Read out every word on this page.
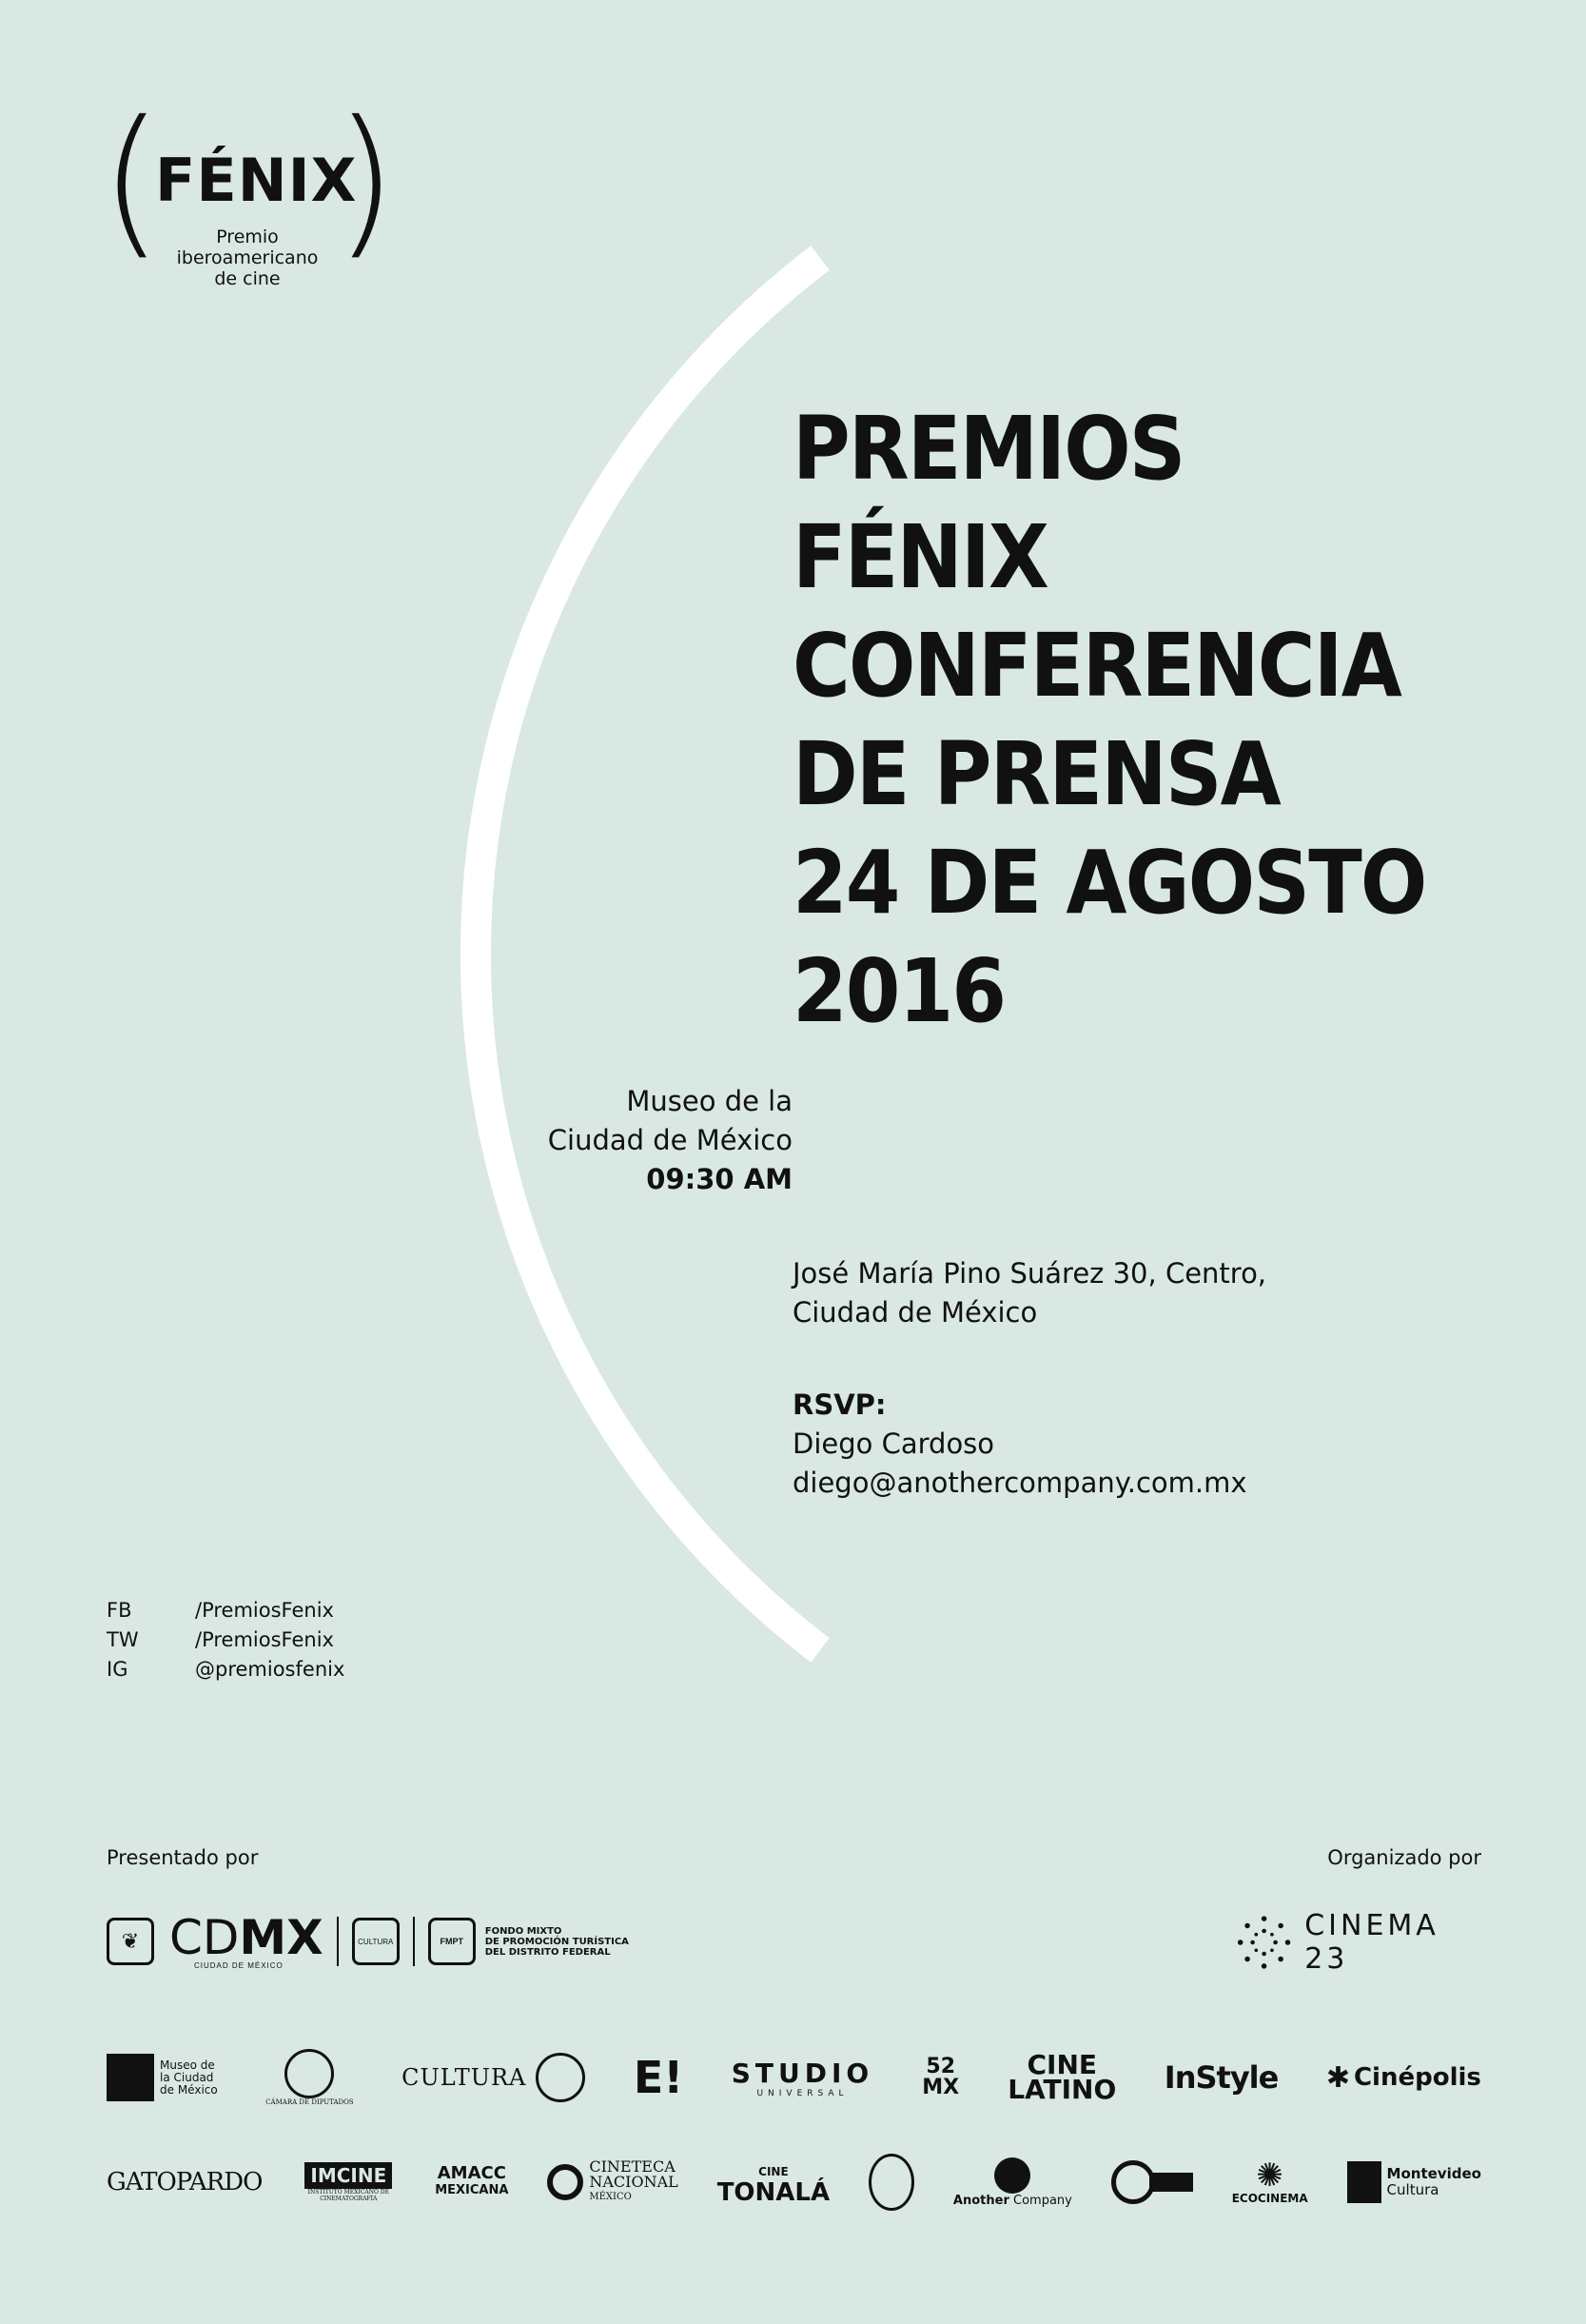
(
FÉNIX
)
Premio
iberoamericano
de cine
PREMIOS
FÉNIX
CONFERENCIA
DE PRENSA
24 DE AGOSTO
2016
Museo de la
Ciudad de México
09:30 AM
José María Pino Suárez 30, Centro,
Ciudad de México
RSVP:
Diego Cardoso
diego@anothercompany.com.mx
FB	/PremiosFenix
TW	/PremiosFenix
IG	@premiosfenix
Presentado por	Organizado por
❦ CDMX
CIUDAD DE MÉXICO
CULTURA	FMPT
FONDO MIXTO
DE PROMOCIÓN TURÍSTICA
DEL DISTRITO FEDERAL
CINEMA 23
Museo de
la Ciudad
de México
CÁMARA DE DIPUTADOS
CULTURA E! STUDIO
UNIVERSAL
52 MX
CINE
LATINO InStyle ✱ Cinépolis
GATOPARDO	IMCINE
INSTITUTO MEXICANO DE CINEMATOGRAFÍA
AMACC
MEXICANA
CINETECA
NACIONAL
MÉXICO
CINE
TONALÁ	Another Company
✺
ECOCINEMA
Montevideo
Cultura
